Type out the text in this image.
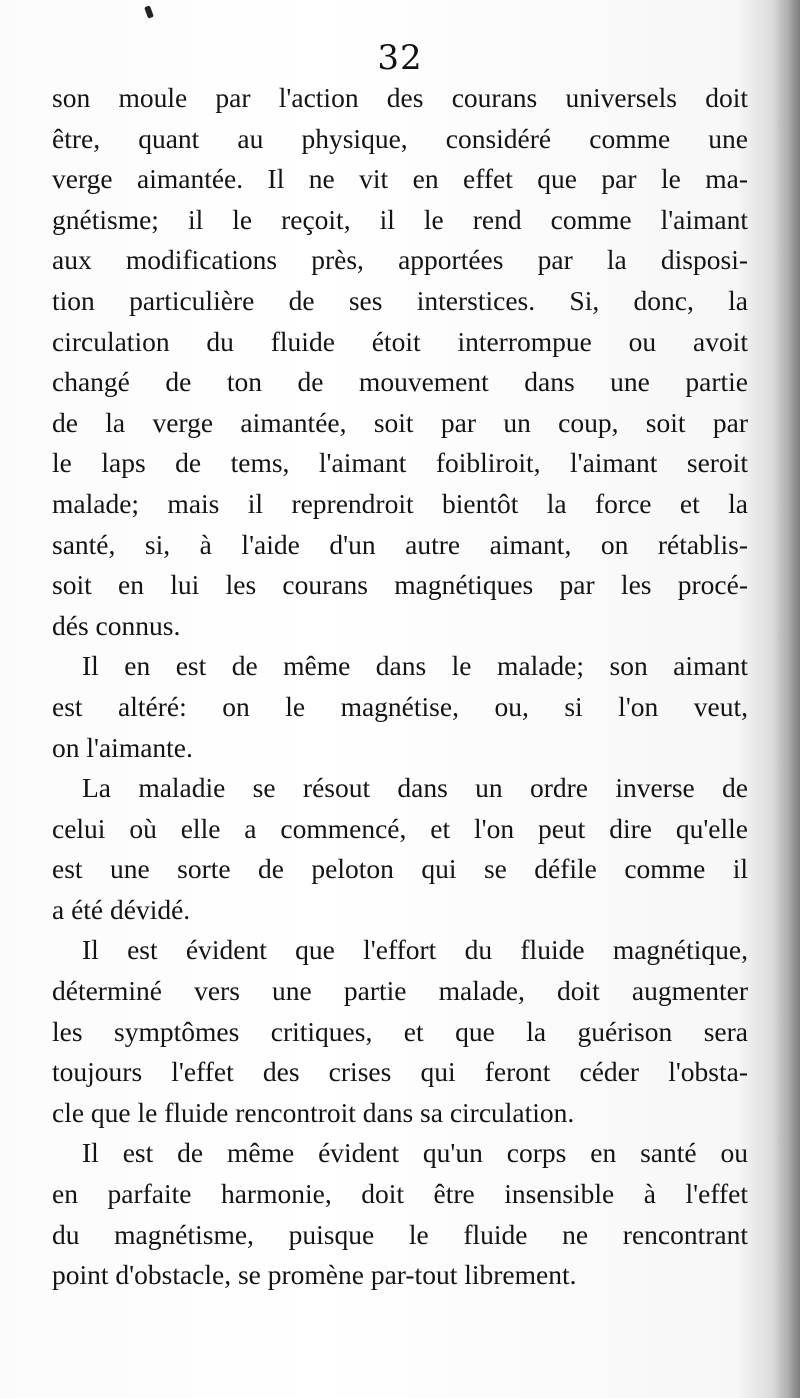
32
son moule par l'action des courans universels doit
être, quant au physique, considéré comme une
verge aimantée. Il ne vit en effet que par le ma-
gnétisme; il le reçoit, il le rend comme l'aimant
aux modifications près, apportées par la disposi-
tion particulière de ses interstices. Si, donc, la
circulation du fluide étoit interrompue ou avoit
changé de ton de mouvement dans une partie
de la verge aimantée, soit par un coup, soit par
le laps de tems, l'aimant foibliroit, l'aimant seroit
malade; mais il reprendroit bientôt la force et la
santé, si, à l'aide d'un autre aimant, on rétablis-
soit en lui les courans magnétiques par les procé-
dés connus.
Il en est de même dans le malade; son aimant
est altéré: on le magnétise, ou, si l'on veut,
on l'aimante.
La maladie se résout dans un ordre inverse de
celui où elle a commencé, et l'on peut dire qu'elle
est une sorte de peloton qui se défile comme il
a été dévidé.
Il est évident que l'effort du fluide magnétique,
déterminé vers une partie malade, doit augmenter
les symptômes critiques, et que la guérison sera
toujours l'effet des crises qui feront céder l'obsta-
cle que le fluide rencontroit dans sa circulation.
Il est de même évident qu'un corps en santé ou
en parfaite harmonie, doit être insensible à l'effet
du magnétisme, puisque le fluide ne rencontrant
point d'obstacle, se promène par-tout librement.
